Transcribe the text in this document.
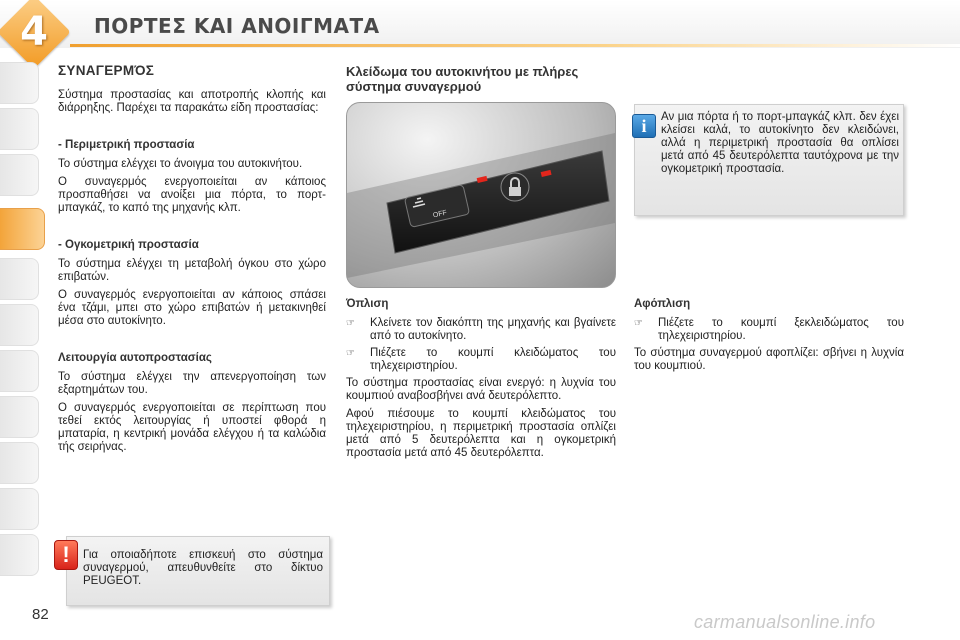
4	ΠΟΡΤΕΣ ΚΑΙ ΑΝΟΙΓΜΑΤΑ
ΣΥΝΑΓΕΡΜΌΣ

Σύστημα προστασίας και αποτροπής κλοπής και διάρρηξης. Παρέχει τα παρακάτω είδη προστασίας:

- Περιμετρική προστασία

Το σύστημα ελέγχει το άνοιγμα του αυτοκινήτου.

Ο συναγερμός ενεργοποιείται αν κάποιος προσπαθήσει να ανοίξει μια πόρτα, το πορτ-μπαγκάζ, το καπό της μηχανής κλπ.

- Ογκομετρική προστασία

Το σύστημα ελέγχει τη μεταβολή όγκου στο χώρο επιβατών.

Ο συναγερμός ενεργοποιείται αν κάποιος σπάσει ένα τζάμι, μπει στο χώρο επιβατών ή μετακινηθεί μέσα στο αυτοκίνητο.

Λειτουργία αυτοπροστασίας

Το σύστημα ελέγχει την απενεργοποίηση των εξαρτημάτων του.

Ο συναγερμός ενεργοποιείται σε περίπτωση που τεθεί εκτός λειτουργίας ή υποστεί φθορά η μπαταρία, η κεντρική μονάδα ελέγχου ή τα καλώδια τής σειρήνας.

Για οποιαδήποτε επισκευή στο σύστημα συναγερμού, απευθυνθείτε στο δίκτυο PEUGEOT.

!
Κλείδωμα του αυτοκινήτου με πλήρες σύστημα συναγερμού
OFF
Όπλιση
☞	Κλείνετε τον διακόπτη της μηχανής και βγαίνετε από το αυτοκίνητο.
☞	Πιέζετε το κουμπί κλειδώματος του τηλεχειριστηρίου.

Το σύστημα προστασίας είναι ενεργό: η λυχνία του κουμπιού αναβοσβήνει ανά δευτερόλεπτο.

Αφού πιέσουμε το κουμπί κλειδώματος του τηλεχειριστηρίου, η περιμετρική προστασία οπλίζει μετά από 5 δευτερόλεπτα και η ογκομετρική προστασία μετά από 45 δευτερόλεπτα.

Αν μια πόρτα ή το πορτ-μπαγκάζ κλπ. δεν έχει κλείσει καλά, το αυτοκίνητο δεν κλειδώνει, αλλά η περιμετρική προστασία θα οπλίσει μετά από 45 δευτερόλεπτα ταυτόχρονα με την ογκομετρική προστασία.

i
Αφόπλιση
☞	Πιέζετε το κουμπί ξεκλειδώματος του τηλεχειριστηρίου.

Το σύστημα συναγερμού αφοπλίζει: σβήνει η λυχνία του κουμπιού.

82	carmanualsonline.info
